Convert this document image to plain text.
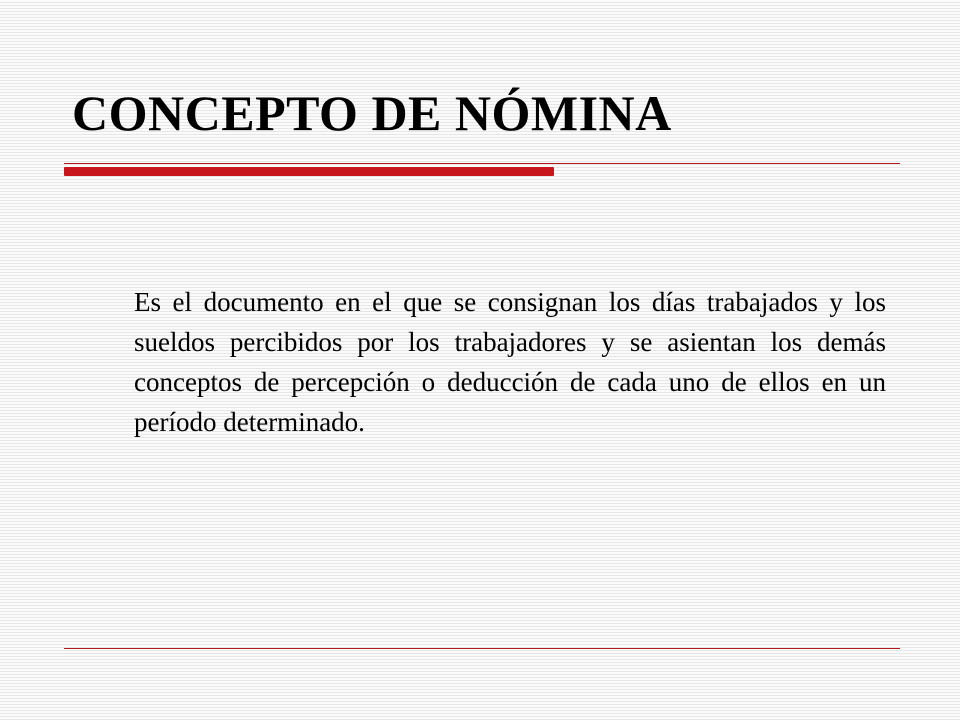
CONCEPTO DE NÓMINA

Es el documento en el que se consignan los días trabajados y los sueldos percibidos por los trabajadores y se asientan los demás conceptos de percepción o deducción de cada uno de ellos en un período determinado.
